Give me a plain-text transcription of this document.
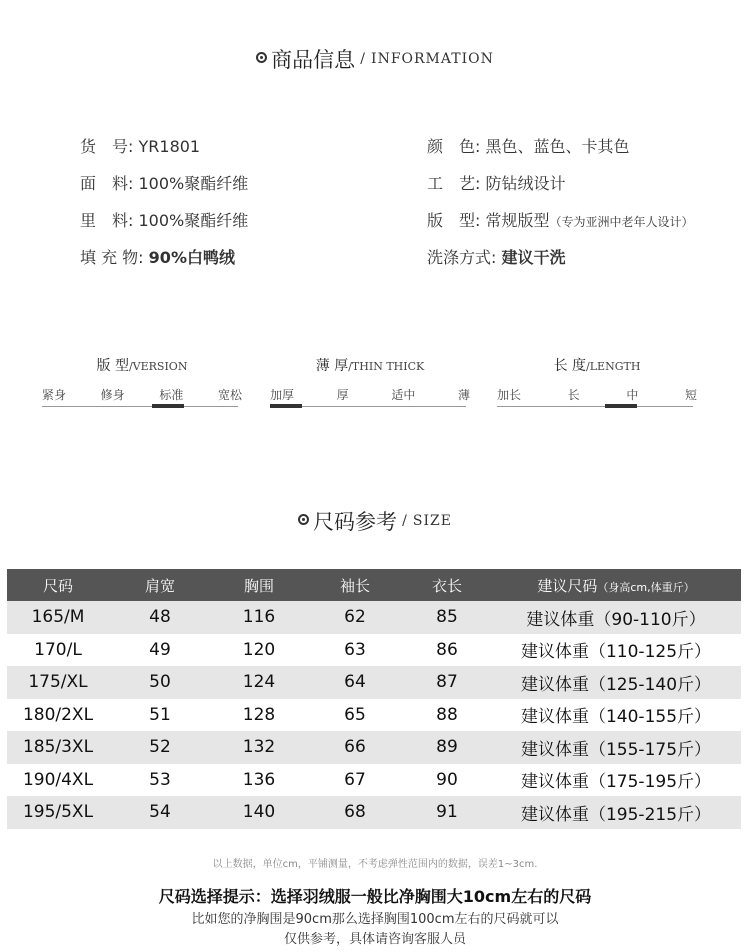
商品信息 / INFORMATION
货　号: YR1801
面　料: 100%聚酯纤维
里　料: 100%聚酯纤维
填 充 物: 90%白鸭绒
颜　色: 黑色、蓝色、卡其色
工　艺: 防钻绒设计
版　型: 常规版型（专为亚洲中老年人设计）
洗涤方式: 建议干洗
版 型/VERSION
紧身	修身	标准	宽松
薄 厚/THIN THICK
加厚	厚	适中	薄
长 度/LENGTH
加长	长	中	短
尺码参考 / SIZE
尺码	肩宽	胸围	袖长	衣长	建议尺码（身高cm,体重斤）
165/M	48	116	62	85	建议体重（90-110斤）
170/L	49	120	63	86	建议体重（110-125斤）
175/XL	50	124	64	87	建议体重（125-140斤）
180/2XL	51	128	65	88	建议体重（140-155斤）
185/3XL	52	132	66	89	建议体重（155-175斤）
190/4XL	53	136	67	90	建议体重（175-195斤）
195/5XL	54	140	68	91	建议体重（195-215斤）
以上数据，单位cm，平铺测量，不考虑弹性范围内的数据，误差1~3cm.
尺码选择提示：选择羽绒服一般比净胸围大10cm左右的尺码
比如您的净胸围是90cm那么选择胸围100cm左右的尺码就可以
仅供参考，具体请咨询客服人员
